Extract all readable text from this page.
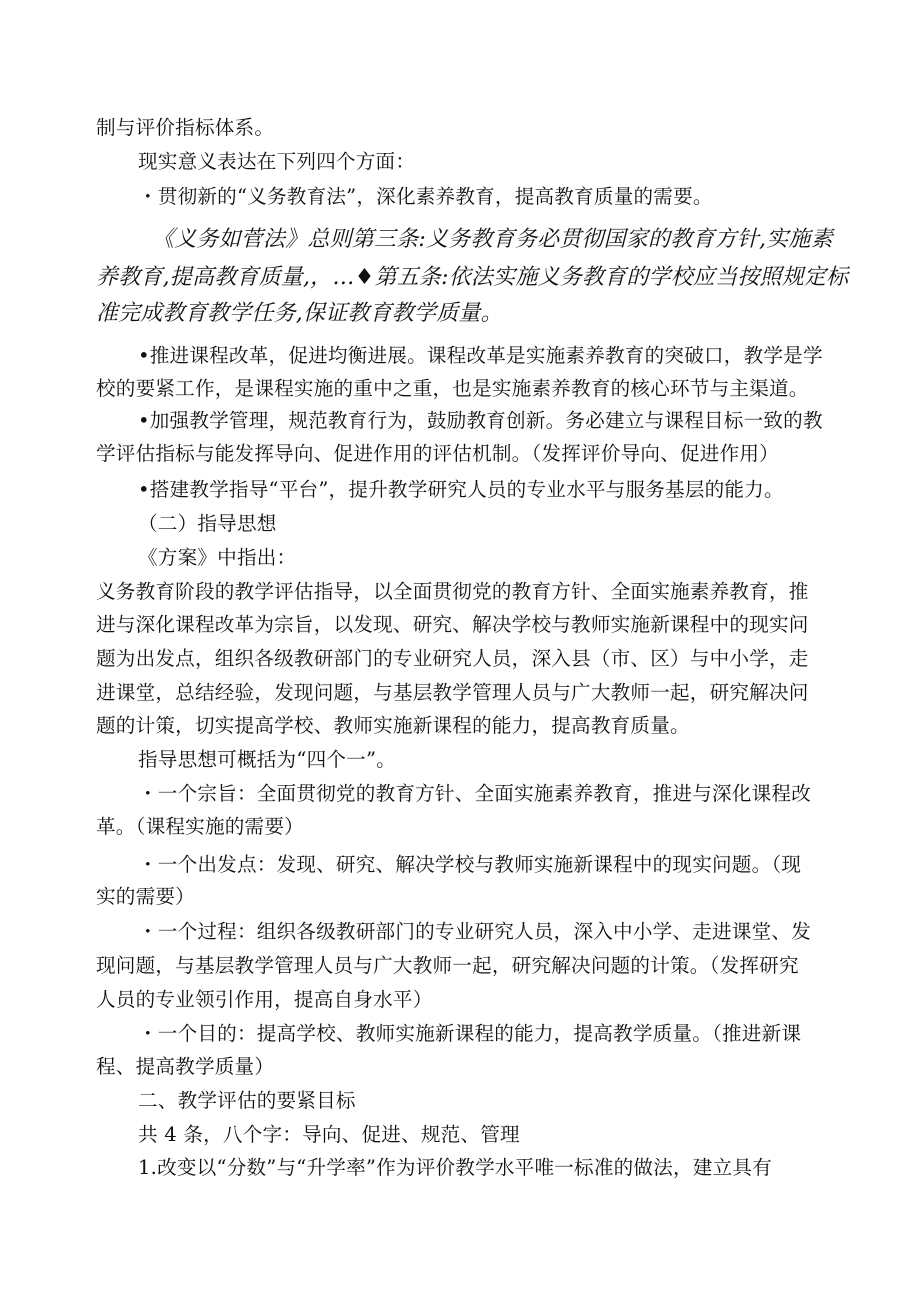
制与评价指标体系。
现实意义表达在下列四个方面：
・贯彻新的“义务教育法”，深化素养教育，提高教育质量的需要。
《义务如菅法》总则第三条:义务教育务必贯彻国家的教育方针,实施素
养教育,提高教育质量,，…♦第五条:依法实施义务教育的学校应当按照规定标
准完成教育教学任务,保证教育教学质量。
•推进课程改革，促进均衡进展。课程改革是实施素养教育的突破口，教学是学
校的要紧工作，是课程实施的重中之重，也是实施素养教育的核心环节与主渠道。
•加强教学管理，规范教育行为，鼓励教育创新。务必建立与课程目标一致的教
学评估指标与能发挥导向、促进作用的评估机制。（发挥评价导向、促进作用）
•搭建教学指导“平台”，提升教学研究人员的专业水平与服务基层的能力。
（二）指导思想
《方案》中指出：
义务教育阶段的教学评估指导，以全面贯彻党的教育方针、全面实施素养教育，推
进与深化课程改革为宗旨，以发现、研究、解决学校与教师实施新课程中的现实问
题为出发点，组织各级教研部门的专业研究人员，深入县（市、区）与中小学，走
进课堂，总结经验，发现问题，与基层教学管理人员与广大教师一起，研究解决问
题的计策，切实提高学校、教师实施新课程的能力，提高教育质量。
指导思想可概括为“四个一”。
・一个宗旨：全面贯彻党的教育方针、全面实施素养教育，推进与深化课程改
革。（课程实施的需要）
・一个出发点：发现、研究、解决学校与教师实施新课程中的现实问题。（现
实的需要）
・一个过程：组织各级教研部门的专业研究人员，深入中小学、走进课堂、发
现问题，与基层教学管理人员与广大教师一起，研究解决问题的计策。（发挥研究
人员的专业领引作用，提高自身水平）
・一个目的：提高学校、教师实施新课程的能力，提高教学质量。（推进新课
程、提高教学质量）
二、教学评估的要紧目标
共 4 条，八个字：导向、促进、规范、管理
1.改变以“分数”与“升学率”作为评价教学水平唯一标准的做法，建立具有
